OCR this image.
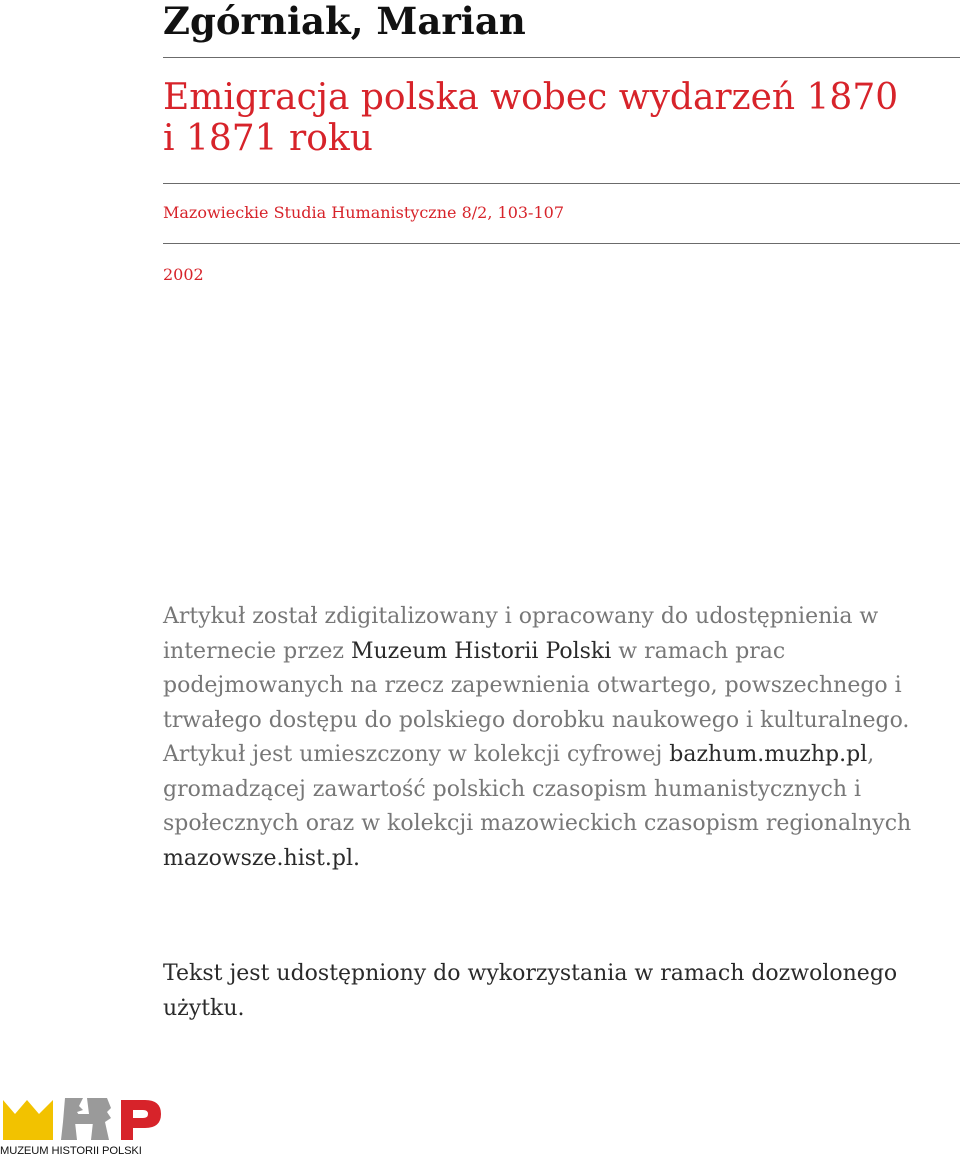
Zgórniak, Marian
Emigracja polska wobec wydarzeń 1870
i 1871 roku
Mazowieckie Studia Humanistyczne 8/2, 103-107
2002

Artykuł został zdigitalizowany i opracowany do udostępnienia w internecie przez Muzeum Historii Polski w ramach prac podejmowanych na rzecz zapewnienia otwartego, powszechnego i trwałego dostępu do polskiego dorobku naukowego i kulturalnego. Artykuł jest umieszczony w kolekcji cyfrowej bazhum.muzhp.pl, gromadzącej zawartość polskich czasopism humanistycznych i społecznych oraz w kolekcji mazowieckich czasopism regionalnych mazowsze.hist.pl.

Tekst jest udostępniony do wykorzystania w ramach dozwolonego użytku.

MUZEUM HISTORII POLSKI
